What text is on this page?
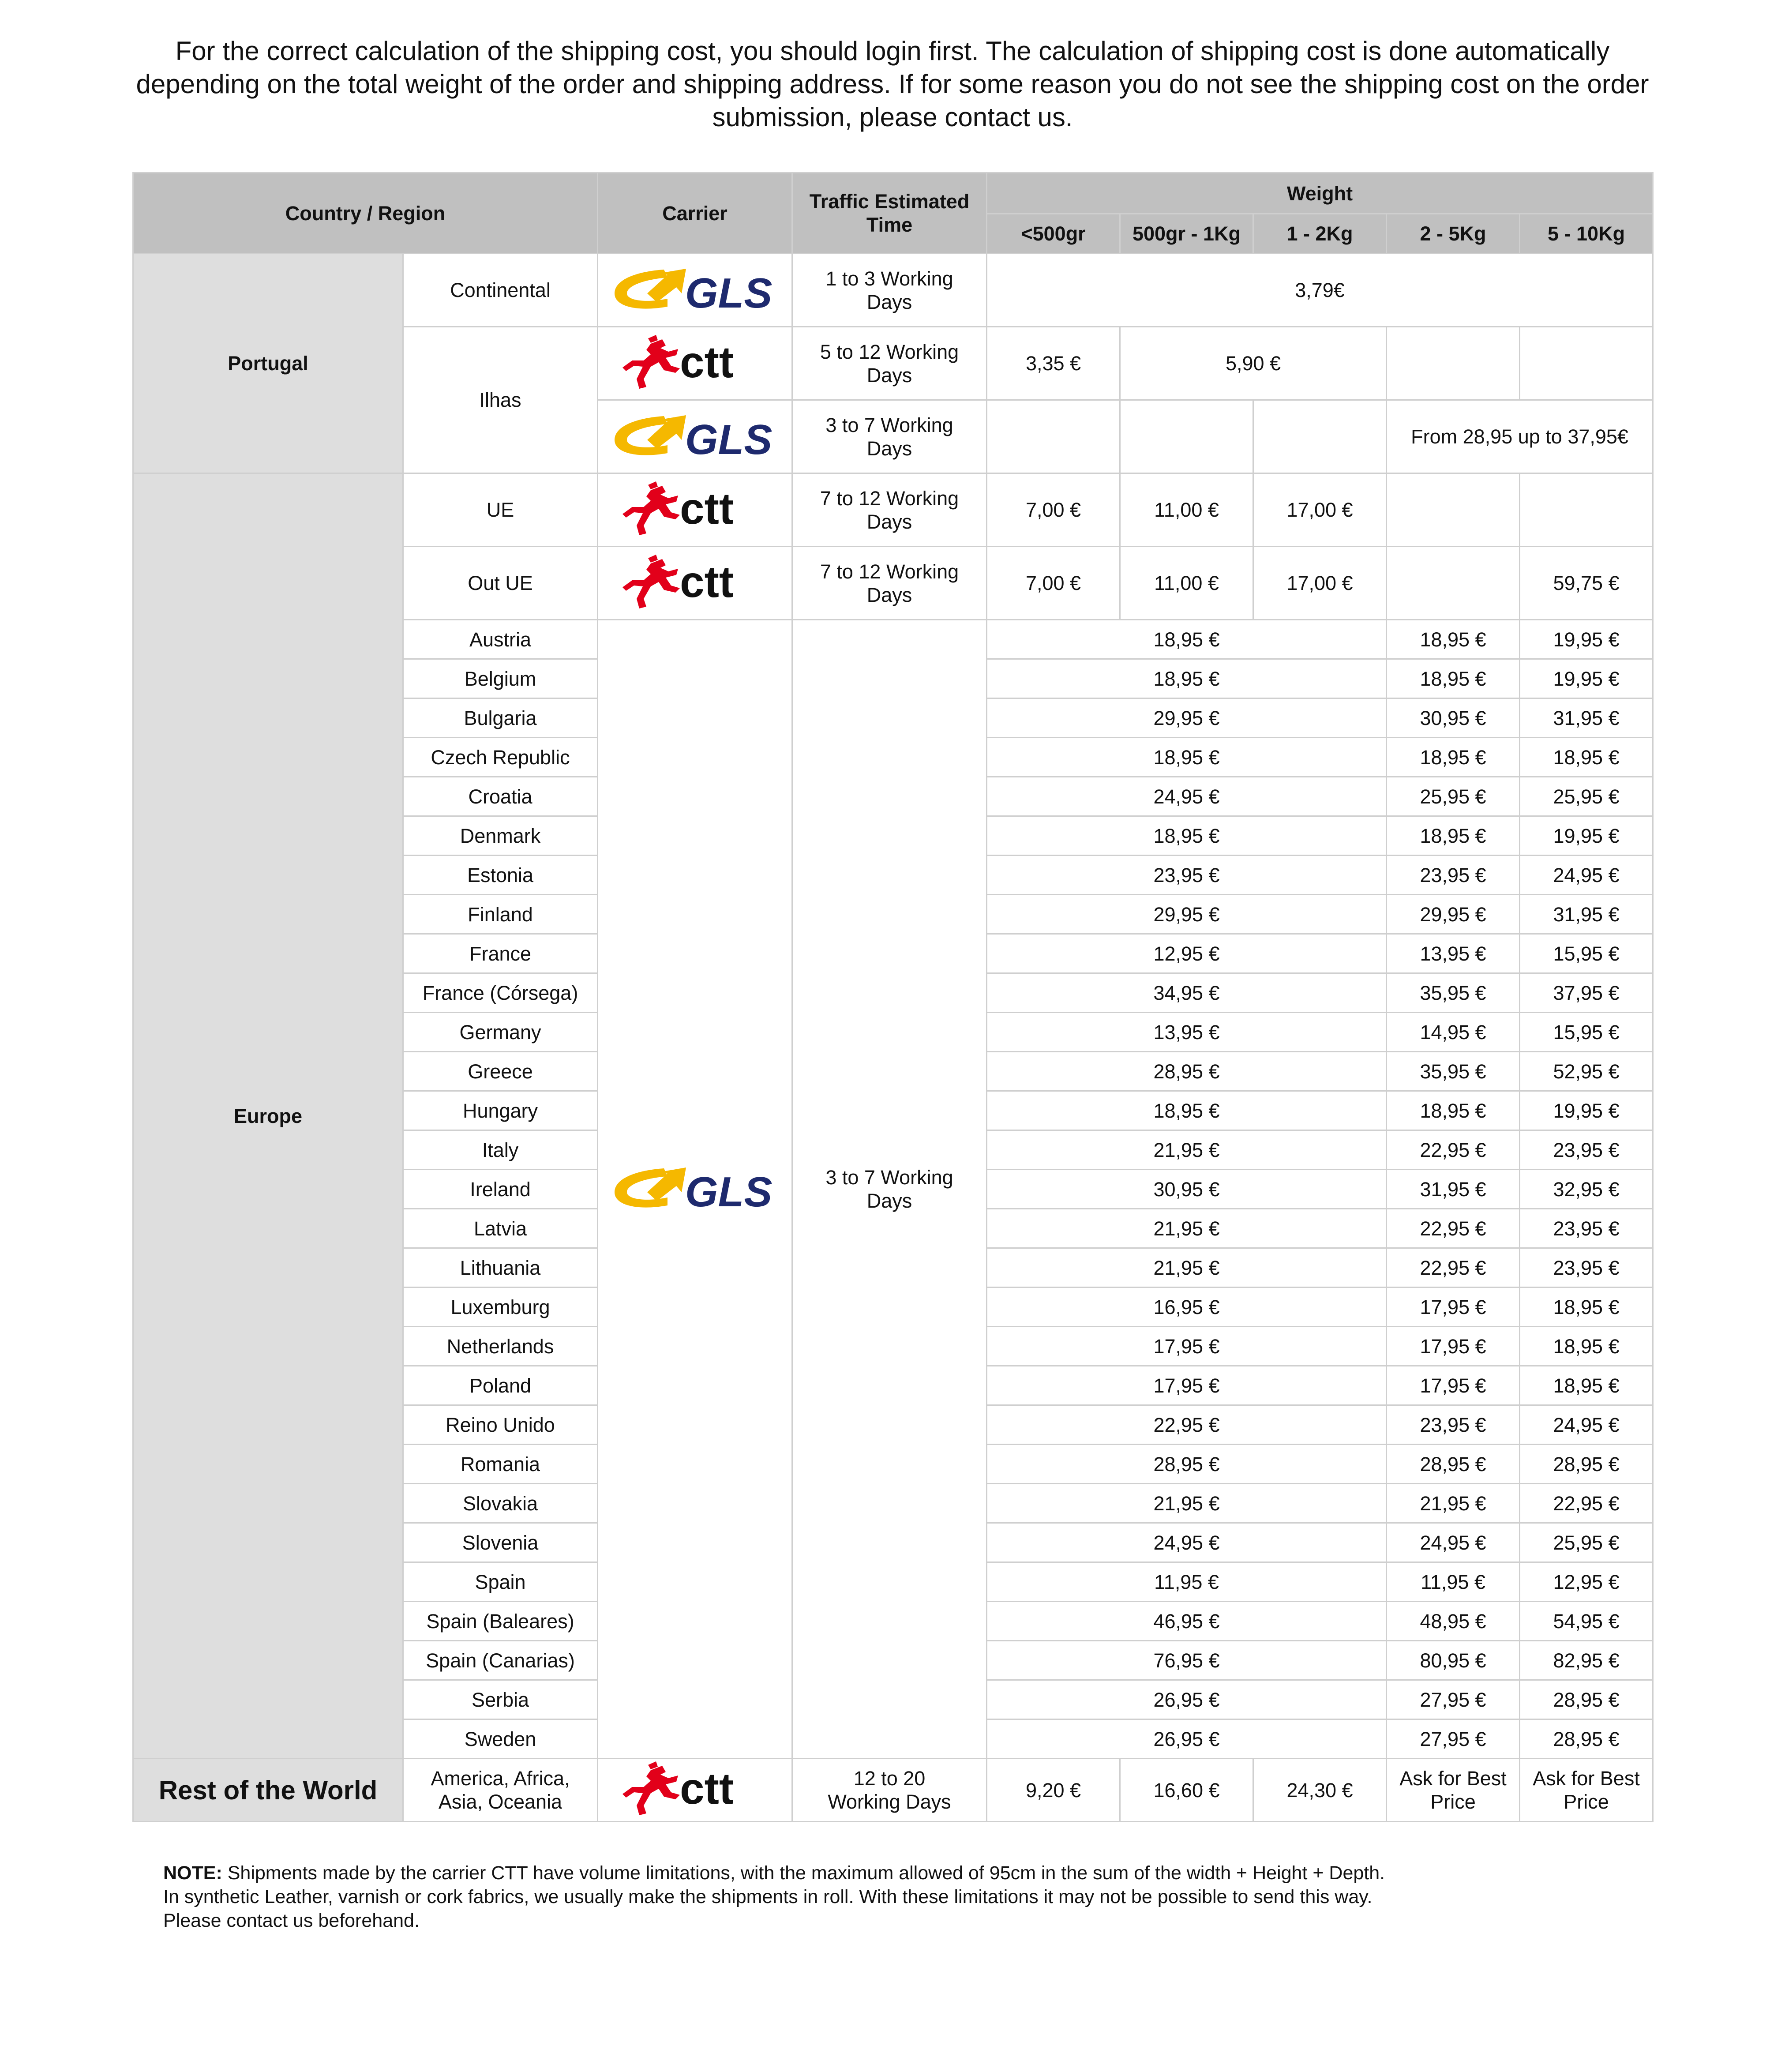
For the correct calculation of the shipping cost, you should login first. The calculation of shipping cost is done automatically depending on the total weight of the order and shipping address. If for some reason you do not see the shipping cost on the order submission, please contact us.
Country / Region		Carrier	Traffic Estimated Time	Weight				
				<500gr	500gr - 1Kg	1 - 2Kg	2 - 5Kg	5 - 10Kg
Portugal	Continental	GLS	1 to 3 Working Days	3,79€				
	Ilhas	ctt	5 to 12 Working Days	3,35 €	5,90 €			

GLS	3 to 7 Working Days				From 28,95 up to 37,95€	
Europe	UE	ctt	7 to 12 Working Days	7,00 €	11,00 €	17,00 €		
	Out UE	ctt	7 to 12 Working Days	7,00 €	11,00 €	17,00 €		59,75 €
	Austria	GLS	3 to 7 Working Days	18,95 €			18,95 €	19,95 €
	Belgium			18,95 €			18,95 €	19,95 €
	Bulgaria			29,95 €			30,95 €	31,95 €
	Czech Republic			18,95 €			18,95 €	18,95 €
	Croatia			24,95 €			25,95 €	25,95 €
	Denmark			18,95 €			18,95 €	19,95 €
	Estonia			23,95 €			23,95 €	24,95 €
	Finland			29,95 €			29,95 €	31,95 €
	France			12,95 €			13,95 €	15,95 €
	France (Córsega)			34,95 €			35,95 €	37,95 €
	Germany			13,95 €			14,95 €	15,95 €
	Greece			28,95 €			35,95 €	52,95 €
	Hungary			18,95 €			18,95 €	19,95 €
	Italy			21,95 €			22,95 €	23,95 €
	Ireland			30,95 €			31,95 €	32,95 €
	Latvia			21,95 €			22,95 €	23,95 €
	Lithuania			21,95 €			22,95 €	23,95 €
	Luxemburg			16,95 €			17,95 €	18,95 €
	Netherlands			17,95 €			17,95 €	18,95 €
	Poland			17,95 €			17,95 €	18,95 €
	Reino Unido			22,95 €			23,95 €	24,95 €
	Romania			28,95 €			28,95 €	28,95 €
	Slovakia			21,95 €			21,95 €	22,95 €
	Slovenia			24,95 €			24,95 €	25,95 €
	Spain			11,95 €			11,95 €	12,95 €
	Spain (Baleares)			46,95 €			48,95 €	54,95 €
	Spain (Canarias)			76,95 €			80,95 €	82,95 €
	Serbia			26,95 €			27,95 €	28,95 €
	Sweden			26,95 €			27,95 €	28,95 €
Rest of the World	America, Africa, Asia, Oceania	ctt	12 to 20 Working Days	9,20 €	16,60 €	24,30 €	Ask for Best Price	Ask for Best Price
NOTE: Shipments made by the carrier CTT have volume limitations, with the maximum allowed of 95cm in the sum of the width + Height + Depth.
In synthetic Leather, varnish or cork fabrics, we usually make the shipments in roll. With these limitations it may not be possible to send this way.
Please contact us beforehand.
